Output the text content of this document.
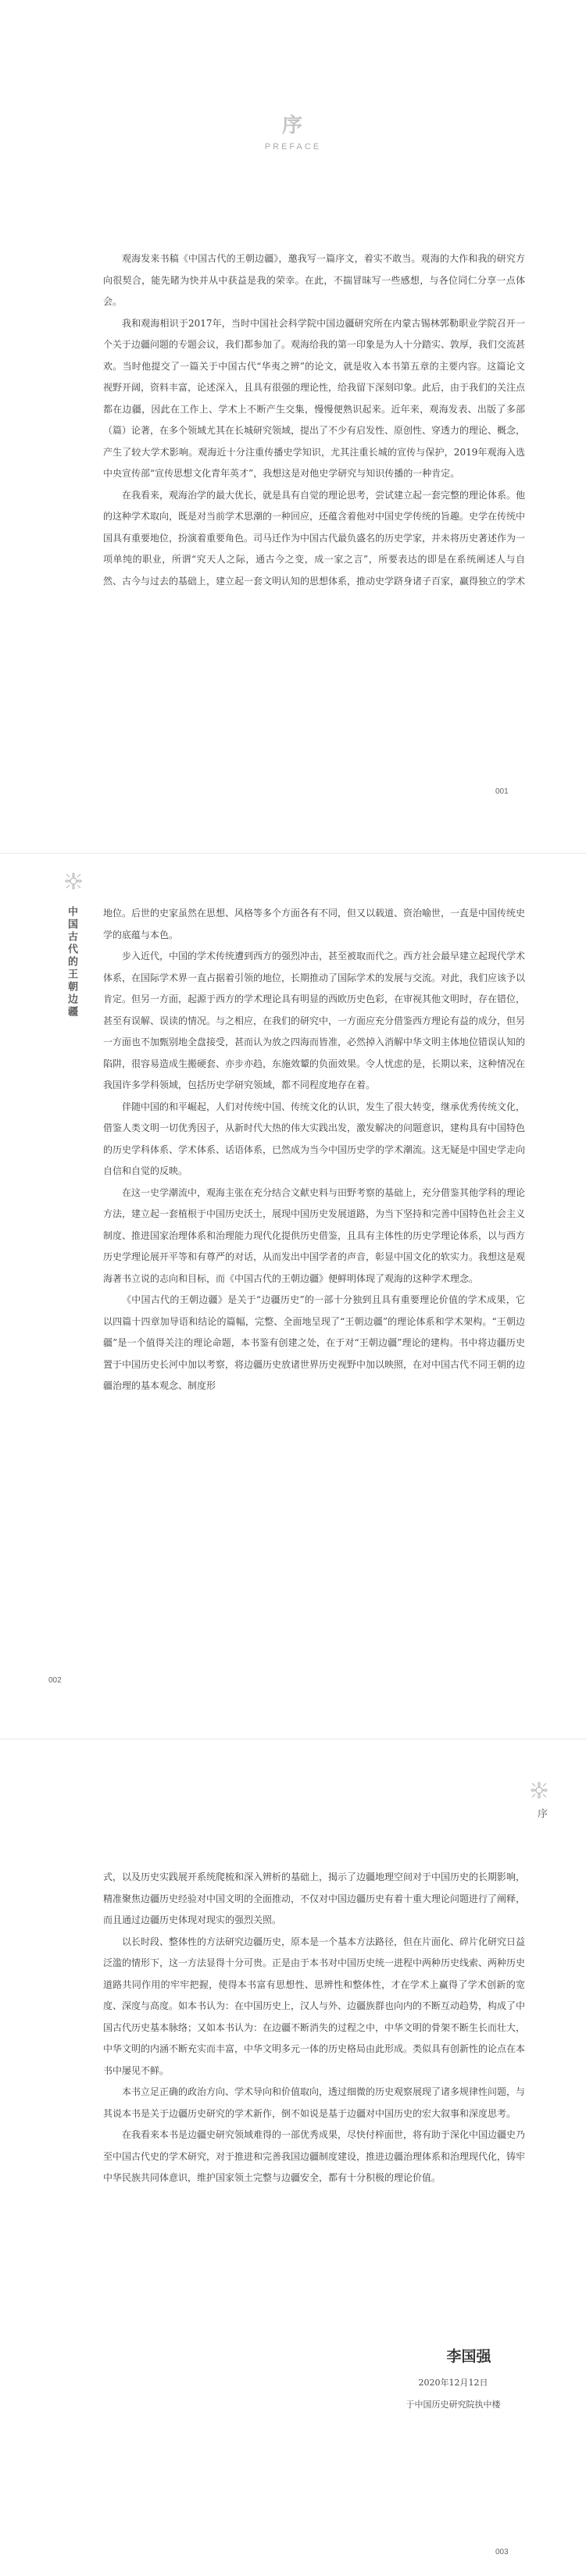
序
PREFACE

观海发来书稿《中国古代的王朝边疆》，邀我写一篇序文，着实不敢当。观海的大作和我的研究方向很契合，能先睹为快并从中获益是我的荣幸。在此，不揣冒昧写一些感想，与各位同仁分享一点体会。

我和观海相识于2017年，当时中国社会科学院中国边疆研究所在内蒙古锡林郭勒职业学院召开一个关于边疆问题的专题会议，我们都参加了。观海给我的第一印象是为人十分踏实、敦厚，我们交流甚欢。当时他提交了一篇关于中国古代“华夷之辨”的论文，就是收入本书第五章的主要内容。这篇论文视野开阔，资料丰富，论述深入，且具有很强的理论性，给我留下深刻印象。此后，由于我们的关注点都在边疆，因此在工作上、学术上不断产生交集，慢慢便熟识起来。近年来，观海发表、出版了多部（篇）论著，在多个领域尤其在长城研究领域，提出了不少有启发性、原创性、穿透力的理论、概念，产生了较大学术影响。观海近十分注重传播史学知识，尤其注重长城的宣传与保护，2019年观海入选中央宣传部“宣传思想文化青年英才”，我想这是对他史学研究与知识传播的一种肯定。

在我看来，观海治学的最大优长，就是具有自觉的理论思考，尝试建立起一套完整的理论体系。他的这种学术取向，既是对当前学术思潮的一种回应，还蕴含着他对中国史学传统的旨趣。史学在传统中国具有重要地位，扮演着重要角色。司马迁作为中国古代最负盛名的历史学家，并未将历史著述作为一项单纯的职业，所谓“究天人之际，通古今之变，成一家之言”，所要表达的即是在系统阐述人与自然、古今与过去的基础上，建立起一套文明认知的思想体系，推动史学跻身诸子百家，赢得独立的学术

001
中国古代的王朝边疆	地位。后世的史家虽然在思想、风格等多个方面各有不同，但又以载道、资治喻世，一直是中国传统史学的底蕴与本色。

步入近代，中国的学术传统遭到西方的强烈冲击，甚至被取而代之。西方社会最早建立起现代学术体系，在国际学术界一直占据着引领的地位，长期推动了国际学术的发展与交流。对此，我们应该予以肯定。但另一方面，起源于西方的学术理论具有明显的西欧历史色彩，在审视其他文明时，存在错位，甚至有误解、误读的情况。与之相应，在我们的研究中，一方面应充分借鉴西方理论有益的成分，但另一方面也不加甄别地全盘接受，甚而认为放之四海而皆准，必然掉入消解中华文明主体地位错误认知的陷阱，很容易造成生搬硬套、亦步亦趋，东施效颦的负面效果。令人忧虑的是，长期以来，这种情况在我国许多学科领域，包括历史学研究领域，都不同程度地存在着。

伴随中国的和平崛起，人们对传统中国、传统文化的认识，发生了很大转变，继承优秀传统文化，借鉴人类文明一切优秀因子，从新时代大热的伟大实践出发，激发解决的问题意识，建构具有中国特色的历史学科体系、学术体系、话语体系，已然成为当今中国历史学的学术潮流。这无疑是中国史学走向自信和自觉的反映。

在这一史学潮流中，观海主张在充分结合文献史料与田野考察的基础上，充分借鉴其他学科的理论方法，建立起一套植根于中国历史沃土，展现中国历史发展道路，为当下坚持和完善中国特色社会主义制度、推进国家治理体系和治理能力现代化提供历史借鉴，且具有主体性的历史学理论体系，以与西方历史学理论展开平等和有尊严的对话，从而发出中国学者的声音，彰显中国文化的软实力。我想这是观海著书立说的志向和目标，而《中国古代的王朝边疆》便鲜明体现了观海的这种学术理念。

《中国古代的王朝边疆》是关于“边疆历史”的一部十分独到且具有重要理论价值的学术成果，它以四篇十四章加导语和结论的篇幅，完整、全面地呈现了“王朝边疆”的理论体系和学术架构。“王朝边疆”是一个值得关注的理论命题，本书鉴有创建之处，在于对“王朝边疆”理论的建构。书中将边疆历史置于中国历史长河中加以考察，将边疆历史放诸世界历史视野中加以映照，在对中国古代不同王朝的边疆治理的基本观念、制度形

002
序

式，以及历史实践展开系统爬梳和深入辨析的基础上，揭示了边疆地理空间对于中国历史的长期影响，精准聚焦边疆历史经验对中国文明的全面推动，不仅对中国边疆历史有着十重大理论问题进行了阐释，而且通过边疆历史体现对现实的强烈关照。

以长时段、整体性的方法研究边疆历史，原本是一个基本方法路径，但在片面化、碎片化研究日益泛滥的情形下，这一方法显得十分可贵。正是由于本书对中国历史统一进程中两种历史线索、两种历史道路共同作用的牢牢把握，使得本书富有思想性、思辨性和整体性，才在学术上赢得了学术创新的宽度、深度与高度。如本书认为：在中国历史上，汉人与外、边疆族群也向内的不断互动趋势，构成了中国古代历史基本脉络；又如本书认为：在边疆不断消失的过程之中，中华文明的骨架不断生长而壮大，中华文明的内涵不断充实而丰富，中华文明多元一体的历史格局由此形成。类似具有创新性的论点在本书中屡见不鲜。

本书立足正确的政治方向、学术导向和价值取向，透过细微的历史观察展现了诸多规律性问题，与其说本书是关于边疆历史研究的学术新作，倒不如说是基于边疆对中国历史的宏大叙事和深度思考。

在我看来本书是边疆史研究领域难得的一部优秀成果，尽快付梓面世，将有助于深化中国边疆史乃至中国古代史的学术研究，对于推进和完善我国边疆制度建设，推进边疆治理体系和治理现代化，铸牢中华民族共同体意识，维护国家领土完整与边疆安全，都有十分积极的理论价值。

李国强
2020年12月12日
于中国历史研究院执中楼
003
